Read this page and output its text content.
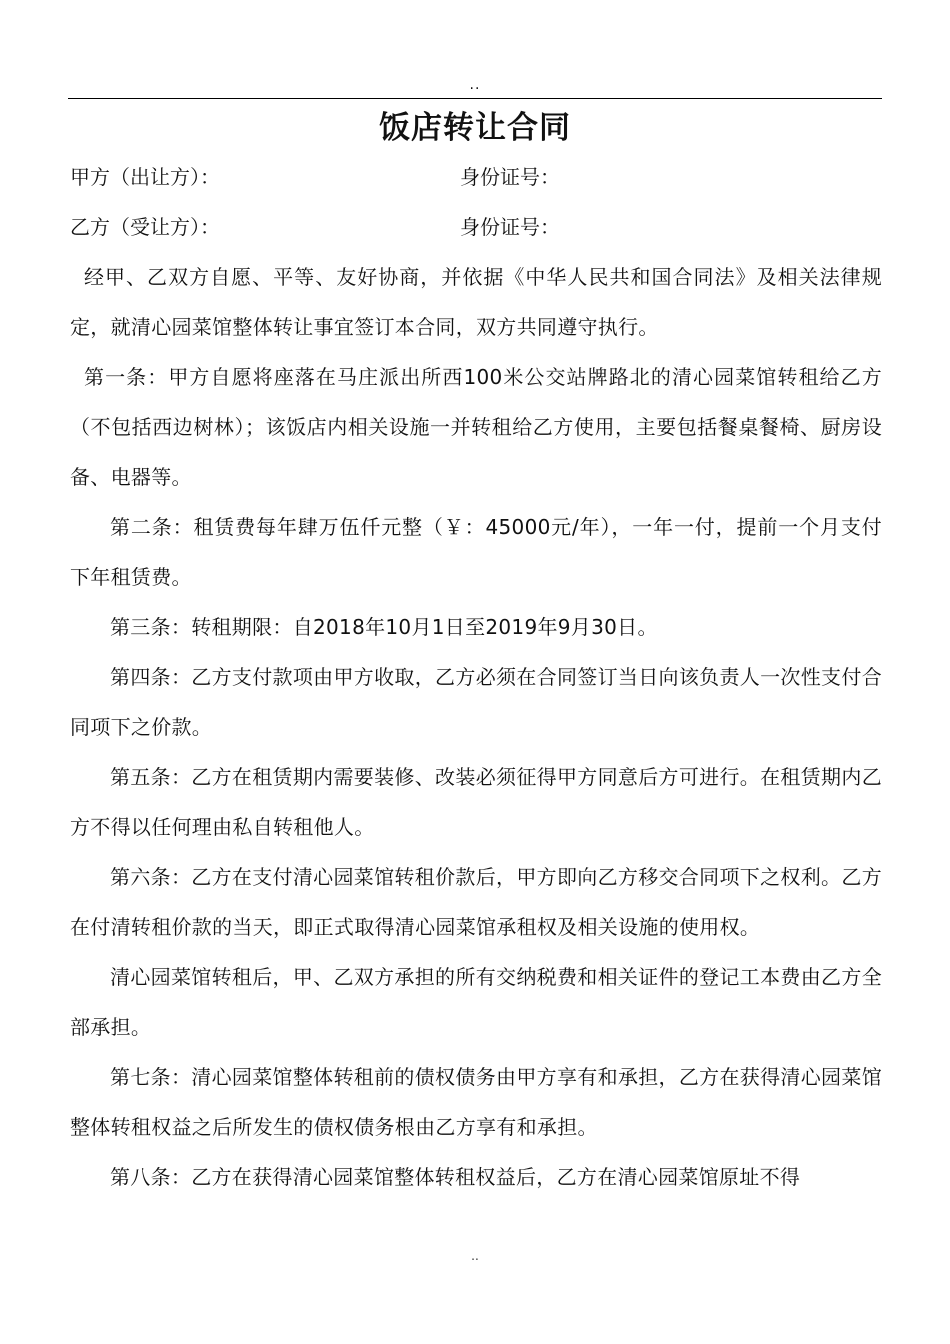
..
饭店转让合同
甲方（出让方）：	身份证号：
乙方（受让方）：	身份证号：

经甲、乙双方自愿、平等、友好协商，并依据《中华人民共和国合同法》及相关法律规定，就清心园菜馆整体转让事宜签订本合同，双方共同遵守执行。

第一条：甲方自愿将座落在马庄派出所西100米公交站牌路北的清心园菜馆转租给乙方（不包括西边树林）；该饭店内相关设施一并转租给乙方使用，主要包括餐桌餐椅、厨房设备、电器等。

第二条：租赁费每年肆万伍仟元整（￥：45000元/年），一年一付，提前一个月支付下年租赁费。

第三条：转租期限：自2018年10月1日至2019年9月30日。

第四条：乙方支付款项由甲方收取，乙方必须在合同签订当日向该负责人一次性支付合同项下之价款。

第五条：乙方在租赁期内需要装修、改装必须征得甲方同意后方可进行。在租赁期内乙方不得以任何理由私自转租他人。

第六条：乙方在支付清心园菜馆转租价款后，甲方即向乙方移交合同项下之权利。乙方在付清转租价款的当天，即正式取得清心园菜馆承租权及相关设施的使用权。

清心园菜馆转租后，甲、乙双方承担的所有交纳税费和相关证件的登记工本费由乙方全部承担。

第七条：清心园菜馆整体转租前的债权债务由甲方享有和承担，乙方在获得清心园菜馆整体转租权益之后所发生的债权债务根由乙方享有和承担。

第八条：乙方在获得清心园菜馆整体转租权益后，乙方在清心园菜馆原址不得

..
